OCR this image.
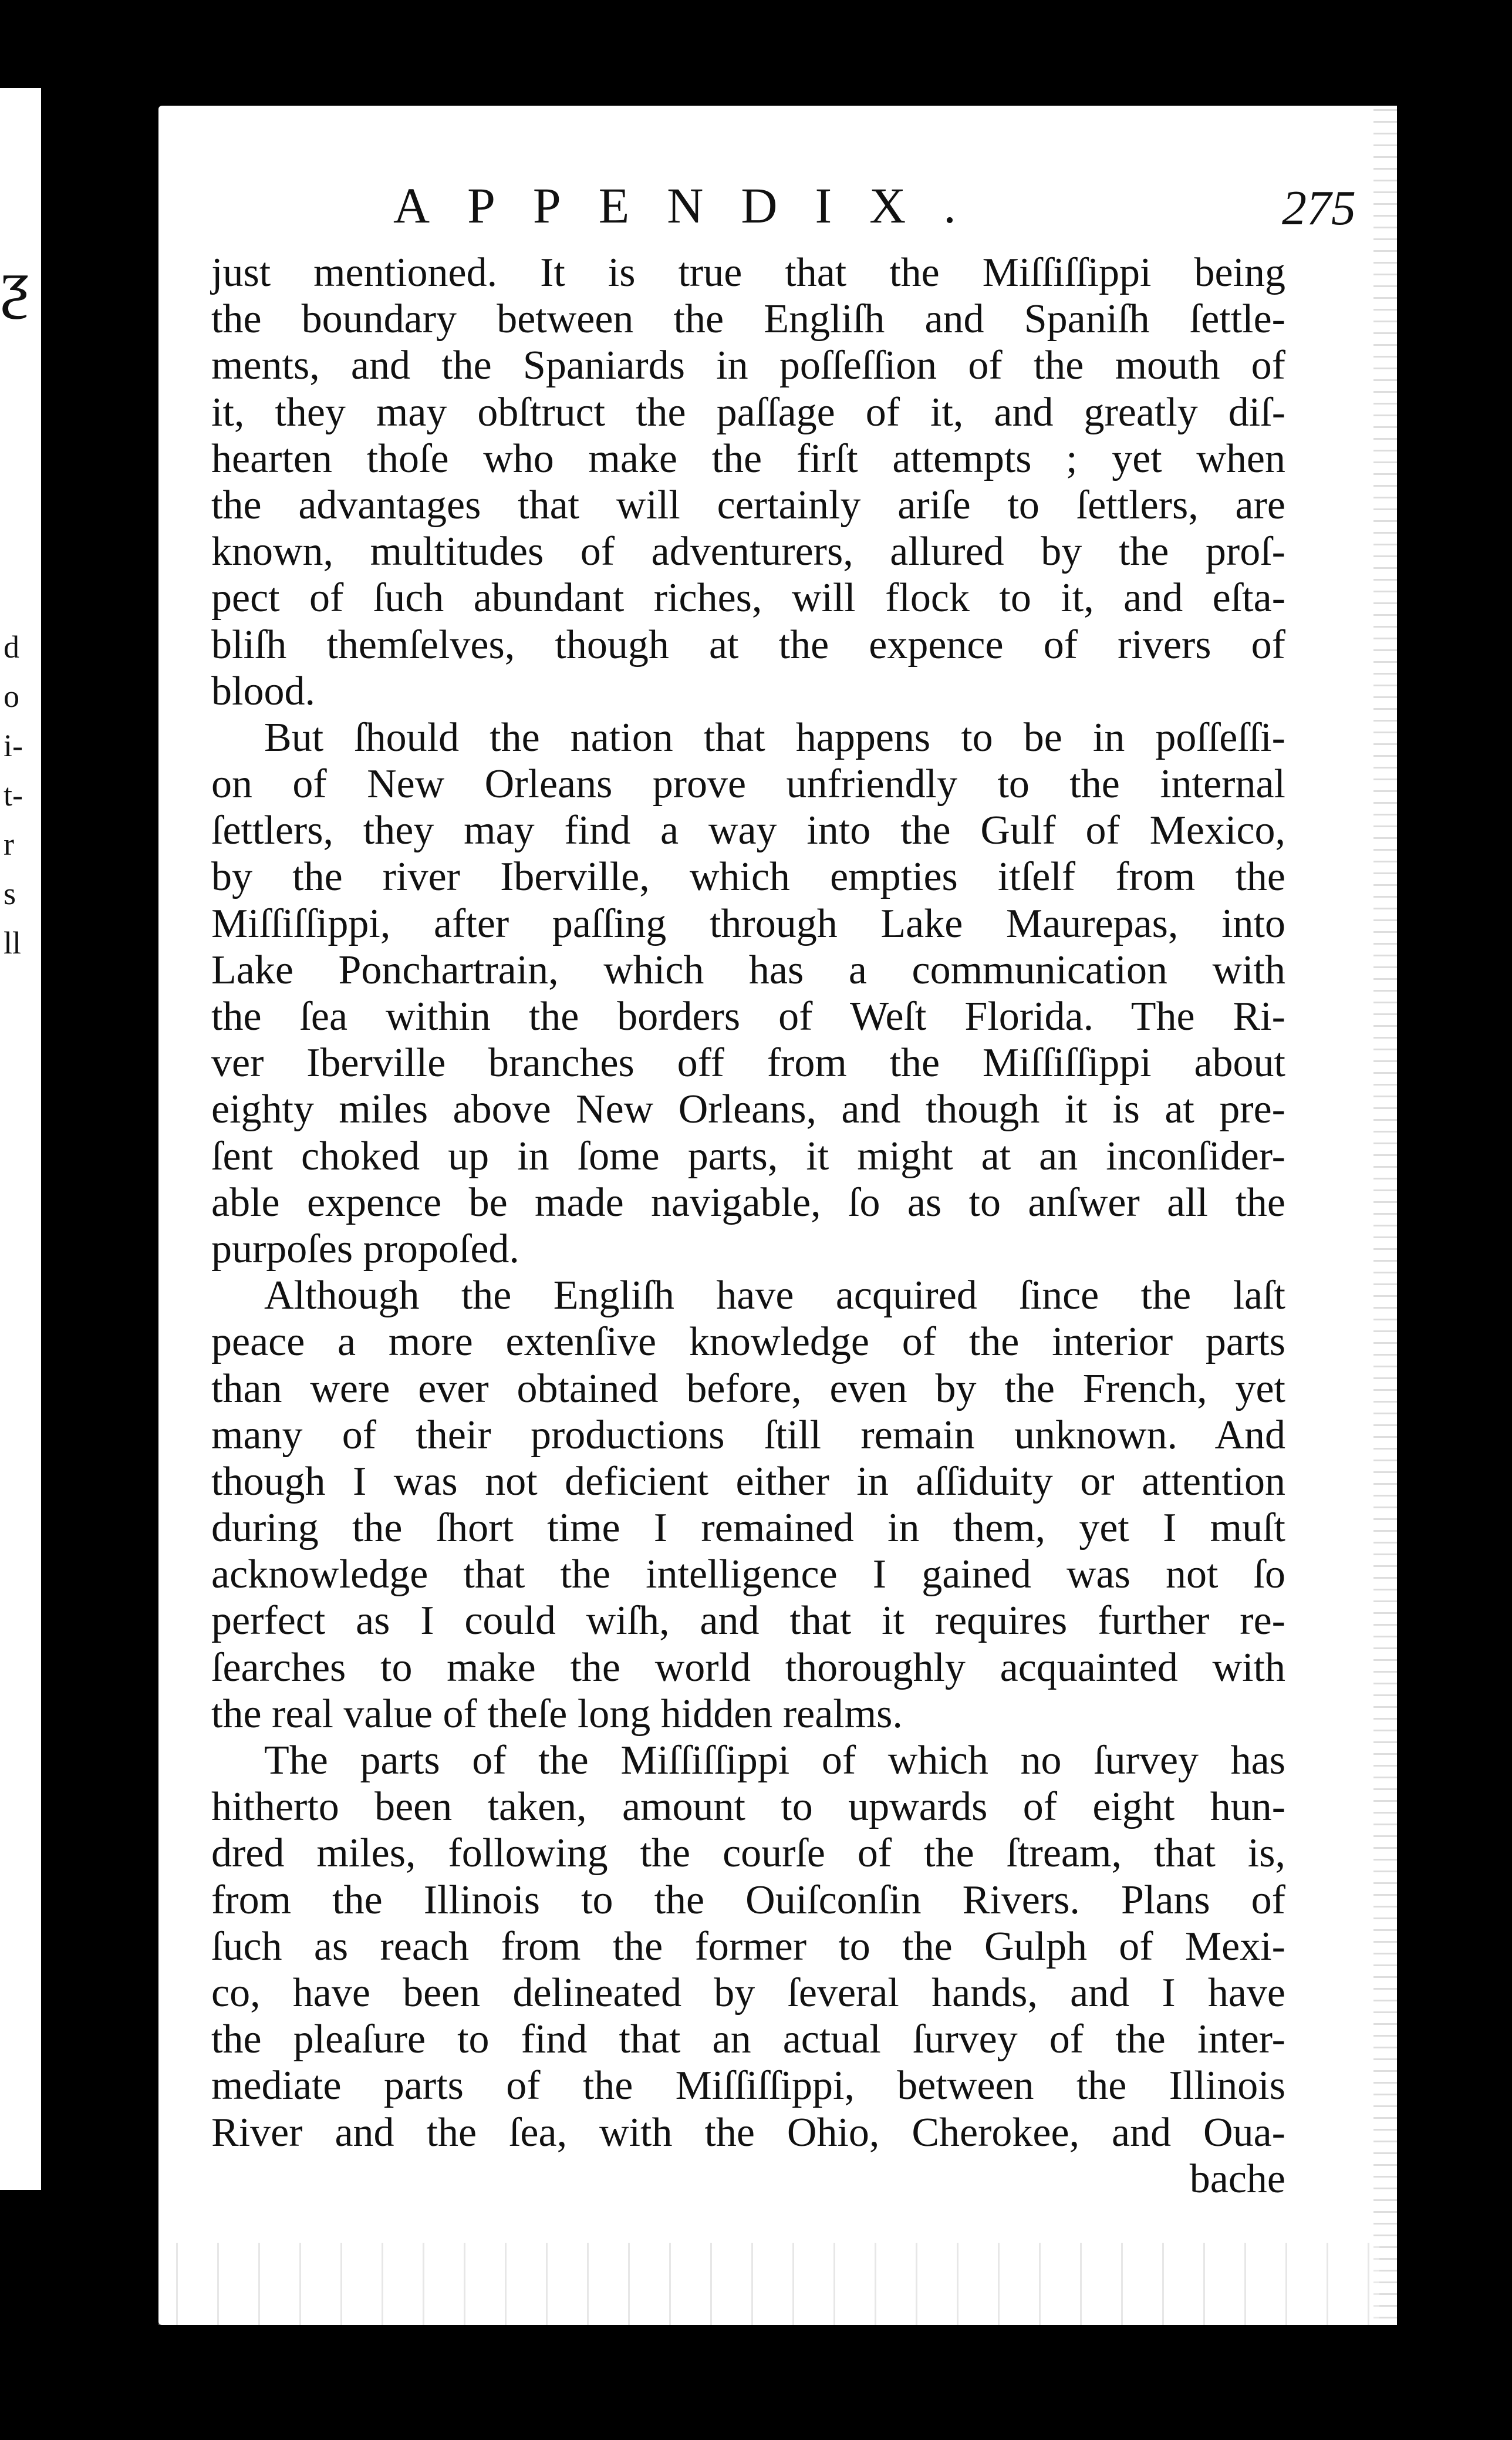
ƺ
d
o
i-
t-
r
s
ll
APPENDIX.	275
just mentioned. It is true that the Miſſiſſippi being
the boundary between the Engliſh and Spaniſh ſettle-
ments, and the Spaniards in poſſeſſion of the mouth of
it, they may obſtruct the paſſage of it, and greatly diſ-
hearten thoſe who make the firſt attempts ; yet when
the advantages that will certainly ariſe to ſettlers, are
known, multitudes of adventurers, allured by the proſ-
pect of ſuch abundant riches, will flock to it, and eſta-
bliſh themſelves, though at the expence of rivers of
blood.
But ſhould the nation that happens to be in poſſeſſi-
on of New Orleans prove unfriendly to the internal
ſettlers, they may find a way into the Gulf of Mexico,
by the river Iberville, which empties itſelf from the
Miſſiſſippi, after paſſing through Lake Maurepas, into
Lake Ponchartrain, which has a communication with
the ſea within the borders of Weſt Florida. The Ri-
ver Iberville branches off from the Miſſiſſippi about
eighty miles above New Orleans, and though it is at pre-
ſent choked up in ſome parts, it might at an inconſider-
able expence be made navigable, ſo as to anſwer all the
purpoſes propoſed.
Although the Engliſh have acquired ſince the laſt
peace a more extenſive knowledge of the interior parts
than were ever obtained before, even by the French, yet
many of their productions ſtill remain unknown. And
though I was not deficient either in aſſiduity or attention
during the ſhort time I remained in them, yet I muſt
acknowledge that the intelligence I gained was not ſo
perfect as I could wiſh, and that it requires further re-
ſearches to make the world thoroughly acquainted with
the real value of theſe long hidden realms.
The parts of the Miſſiſſippi of which no ſurvey has
hitherto been taken, amount to upwards of eight hun-
dred miles, following the courſe of the ſtream, that is,
from the Illinois to the Ouiſconſin Rivers. Plans of
ſuch as reach from the former to the Gulph of Mexi-
co, have been delineated by ſeveral hands, and I have
the pleaſure to find that an actual ſurvey of the inter-
mediate parts of the Miſſiſſippi, between the Illinois
River and the ſea, with the Ohio, Cherokee, and Oua-
bache
